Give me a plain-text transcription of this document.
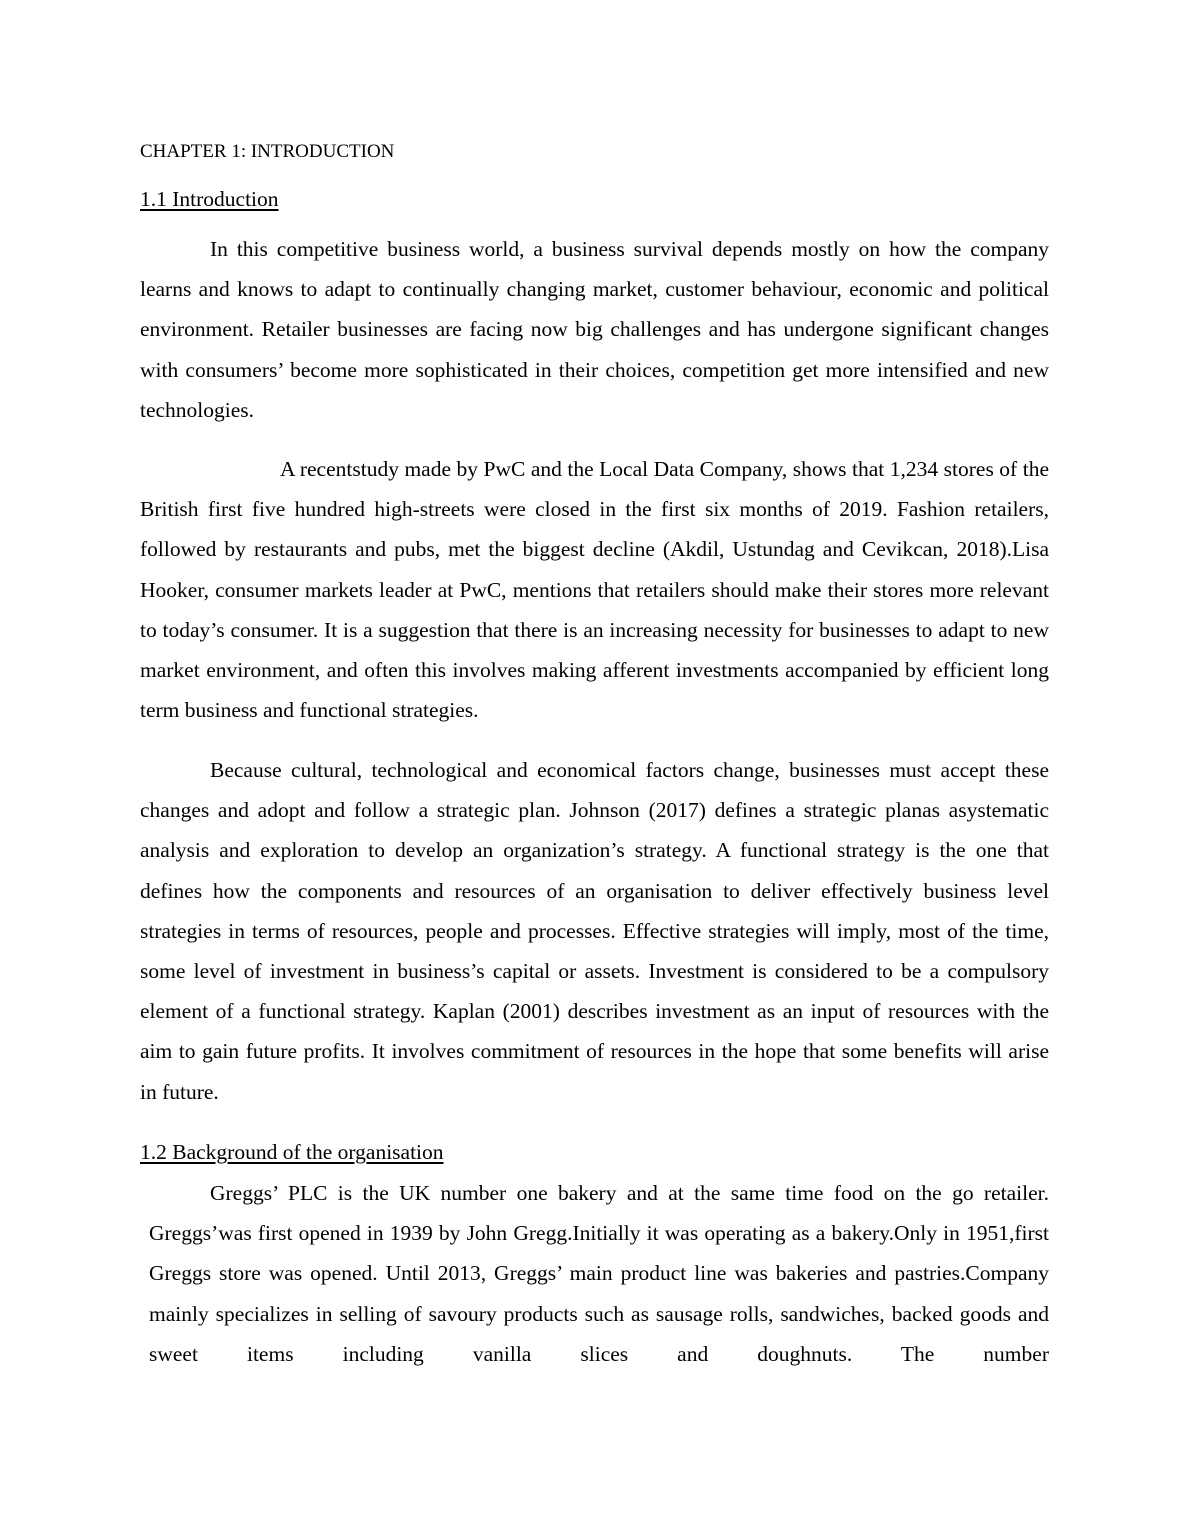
CHAPTER 1: INTRODUCTION
1.1 Introduction

In this competitive business world, a business survival depends mostly on how the company learns and knows to adapt to continually changing market, customer behaviour, economic and political environment. Retailer businesses are facing now big challenges and has undergone significant changes with consumers’ become more sophisticated in their choices, competition get more intensified and new technologies.

A recentstudy made by PwC and the Local Data Company, shows that 1,234 stores of the British first five hundred high-streets were closed in the first six months of 2019. Fashion retailers, followed by restaurants and pubs, met the biggest decline (Akdil, Ustundag and Cevikcan, 2018).Lisa Hooker, consumer markets leader at PwC, mentions that retailers should make their stores more relevant to today’s consumer. It is a suggestion that there is an increasing necessity for businesses to adapt to new market environment, and often this involves making afferent investments accompanied by efficient long term business and functional strategies.

Because cultural, technological and economical factors change, businesses must accept these changes and adopt and follow a strategic plan. Johnson (2017) defines a strategic planas asystematic analysis and exploration to develop an organization’s strategy. A functional strategy is the one that defines how the components and resources of an organisation to deliver effectively business level strategies in terms of resources, people and processes. Effective strategies will imply, most of the time, some level of investment in business’s capital or assets. Investment is considered to be a compulsory element of a functional strategy. Kaplan (2001) describes investment as an input of resources with the aim to gain future profits. It involves commitment of resources in the hope that some benefits will arise in future.

1.2 Background of the organisation

Greggs’ PLC is the UK number one bakery and at the same time food on the go retailer. Greggs’was first opened in 1939 by John Gregg.Initially it was operating as a bakery.Only in 1951,first Greggs store was opened. Until 2013, Greggs’ main product line was bakeries and pastries.Company mainly specializes in selling of savoury products such as sausage rolls, sandwiches, backed goods and sweet items including vanilla slices and doughnuts. The number
